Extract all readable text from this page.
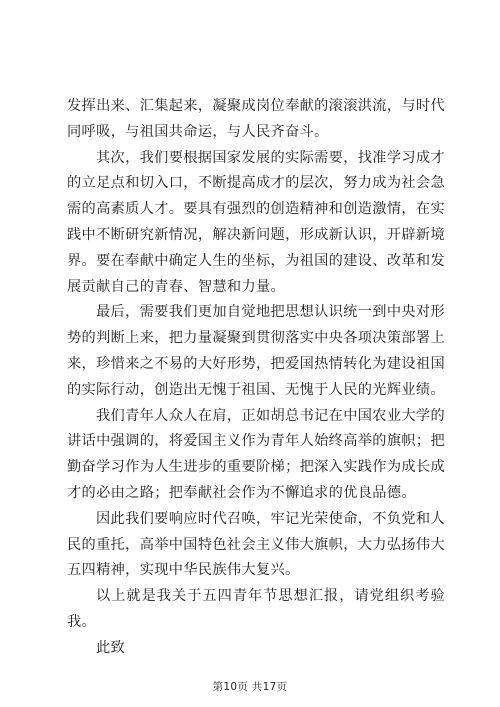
发挥出来、汇集起来，凝聚成岗位奉献的滚滚洪流，与时代同呼吸，与祖国共命运，与人民齐奋斗。

其次，我们要根据国家发展的实际需要，找准学习成才的立足点和切入口，不断提高成才的层次，努力成为社会急需的高素质人才。要具有强烈的创造精神和创造激情，在实践中不断研究新情况，解决新问题，形成新认识，开辟新境界。要在奉献中确定人生的坐标，为祖国的建设、改革和发展贡献自己的青春、智慧和力量。

最后，需要我们更加自觉地把思想认识统一到中央对形势的判断上来，把力量凝聚到贯彻落实中央各项决策部署上来，珍惜来之不易的大好形势，把爱国热情转化为建设祖国的实际行动，创造出无愧于祖国、无愧于人民的光辉业绩。

我们青年人众人在肩，正如胡总书记在中国农业大学的讲话中强调的，将爱国主义作为青年人始终高举的旗帜；把勤奋学习作为人生进步的重要阶梯；把深入实践作为成长成才的必由之路；把奉献社会作为不懈追求的优良品德。

因此我们要响应时代召唤，牢记光荣使命，不负党和人民的重托，高举中国特色社会主义伟大旗帜，大力弘扬伟大五四精神，实现中华民族伟大复兴。

以上就是我关于五四青年节思想汇报，请党组织考验我。

此致

第10页 共17页
